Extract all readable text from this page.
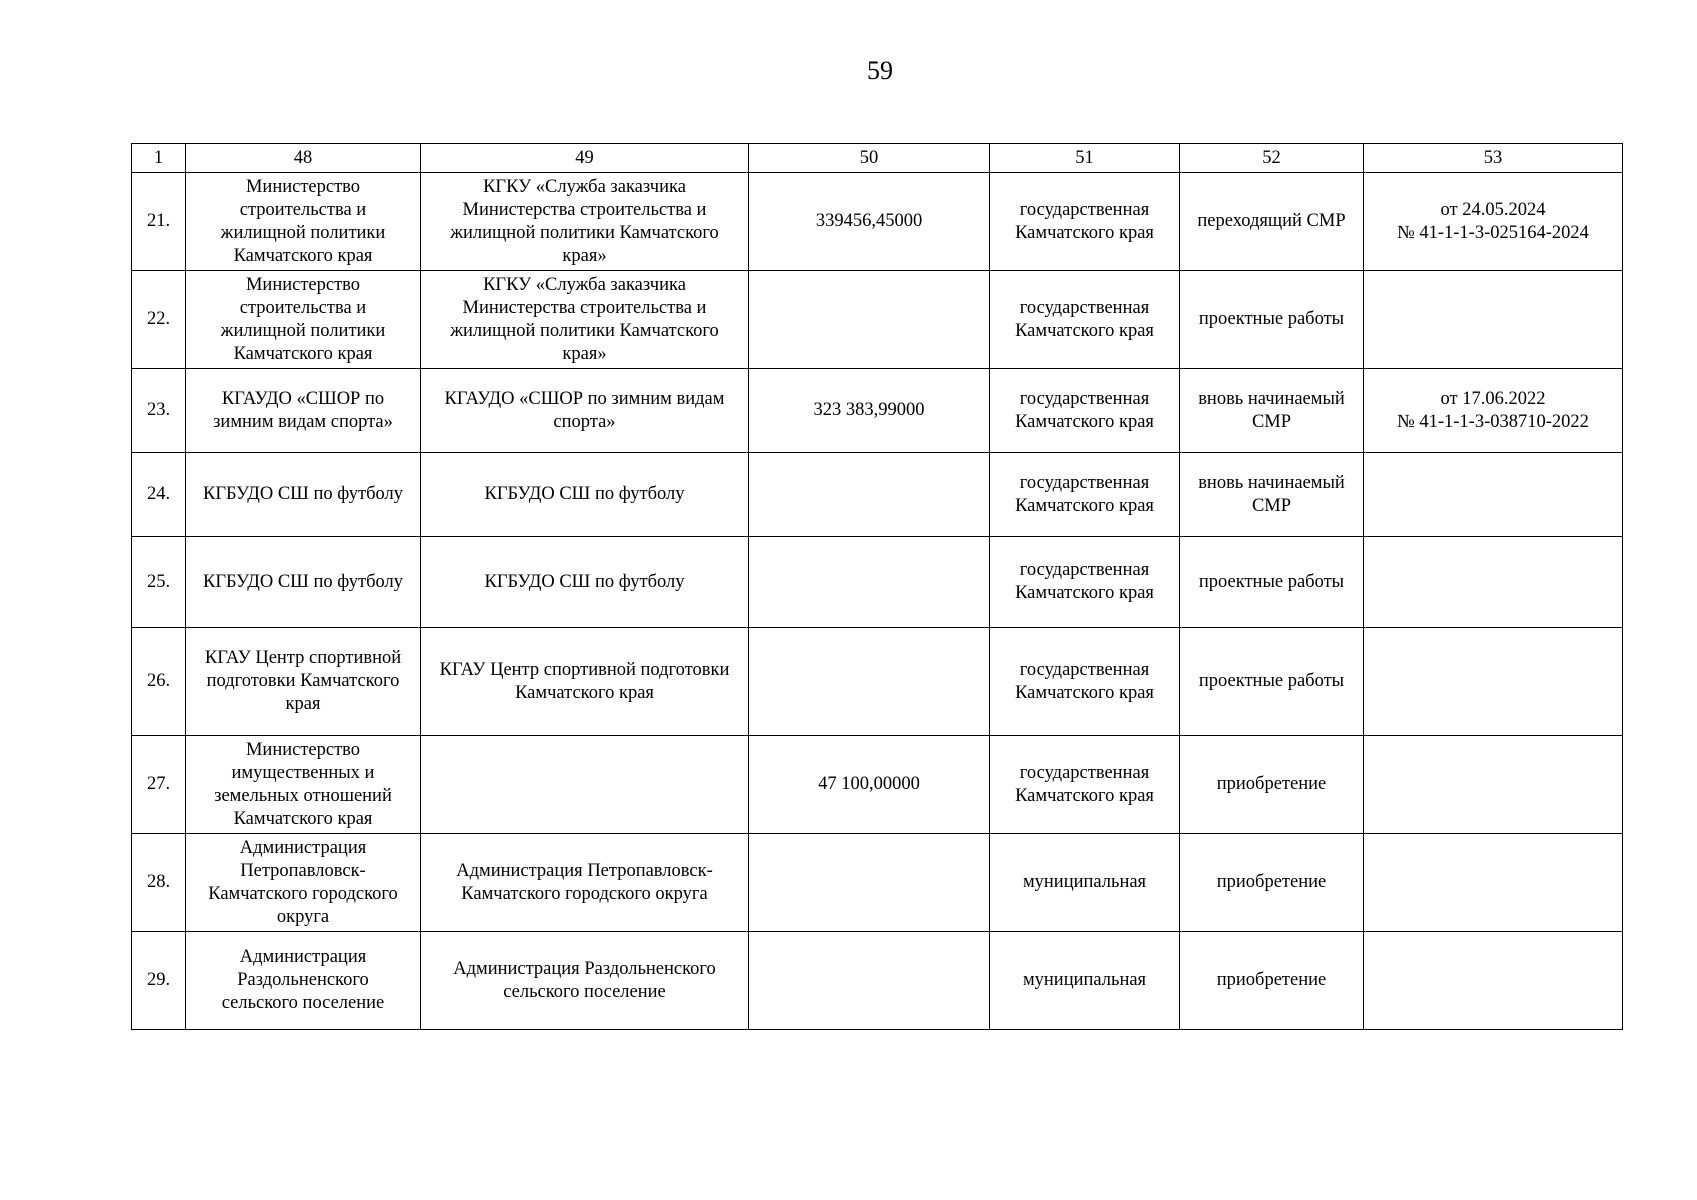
59
1	48	49	50	51	52	53
21.	Министерство
строительства и
жилищной политики
Камчатского края	КГКУ «Служба заказчика
Министерства строительства и
жилищной политики Камчатского
края»	339456,45000	государственная
Камчатского края	переходящий СМР	от 24.05.2024
№ 41-1-1-3-025164-2024
22.	Министерство
строительства и
жилищной политики
Камчатского края	КГКУ «Служба заказчика
Министерства строительства и
жилищной политики Камчатского
края»		государственная
Камчатского края	проектные работы	
23.	КГАУДО «СШОР по
зимним видам спорта»	КГАУДО «СШОР по зимним видам
спорта»	323 383,99000	государственная
Камчатского края	вновь начинаемый
СМР	от 17.06.2022
№ 41-1-1-3-038710-2022
24.	КГБУДО СШ по футболу	КГБУДО СШ по футболу		государственная
Камчатского края	вновь начинаемый
СМР	
25.	КГБУДО СШ по футболу	КГБУДО СШ по футболу		государственная
Камчатского края	проектные работы	
26.	КГАУ Центр спортивной
подготовки Камчатского
края	КГАУ Центр спортивной подготовки
Камчатского края		государственная
Камчатского края	проектные работы	
27.	Министерство
имущественных и
земельных отношений
Камчатского края		47 100,00000	государственная
Камчатского края	приобретение	
28.	Администрация
Петропавловск-
Камчатского городского
округа	Администрация Петропавловск-
Камчатского городского округа		муниципальная	приобретение	
29.	Администрация
Раздольненского
сельского поселение	Администрация Раздольненского
сельского поселение		муниципальная	приобретение	
